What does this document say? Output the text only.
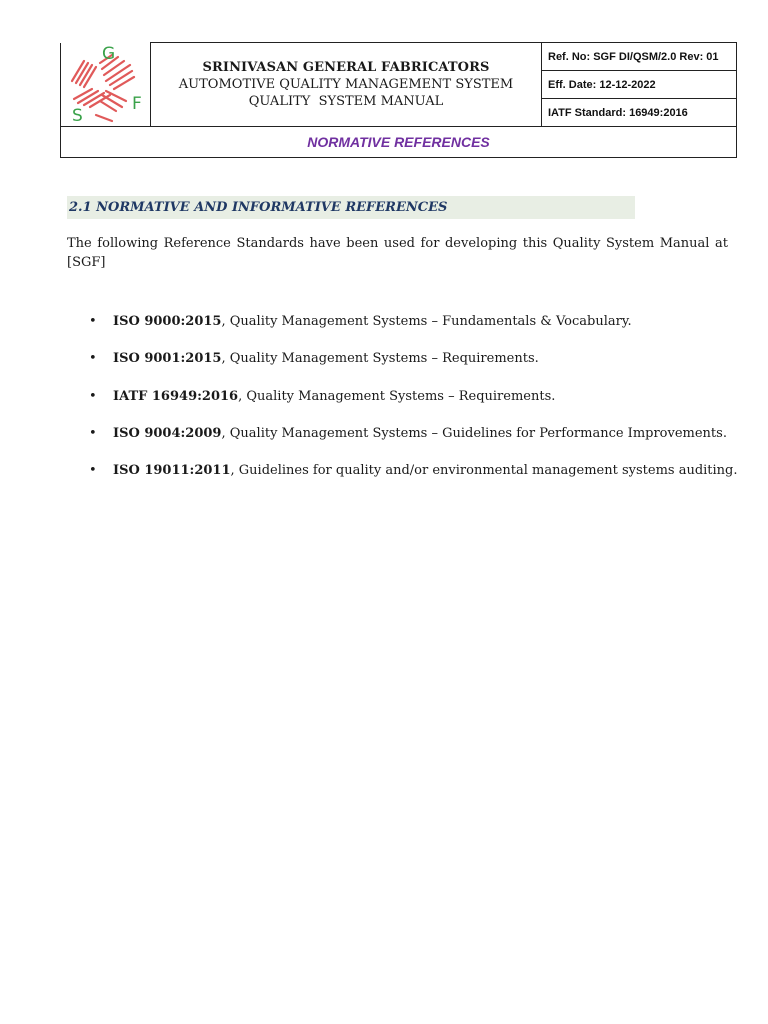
G
S
F

SRINIVASAN GENERAL FABRICATORS
AUTOMOTIVE QUALITY MANAGEMENT SYSTEM
QUALITY  SYSTEM MANUAL
	Ref. No: SGF DI/QSM/2.0 Rev: 01
Eff. Date: 12-12-2022
IATF Standard: 16949:2016
NORMATIVE REFERENCES
2.1 NORMATIVE AND INFORMATIVE REFERENCES

The following Reference Standards have been used for developing this Quality System Manual at [SGF]

• ISO 9000:2015, Quality Management Systems – Fundamentals & Vocabulary.
• ISO 9001:2015, Quality Management Systems – Requirements.
• IATF 16949:2016, Quality Management Systems – Requirements.
• ISO 9004:2009, Quality Management Systems – Guidelines for Performance Improvements.
• ISO 19011:2011, Guidelines for quality and/or environmental management systems auditing.
